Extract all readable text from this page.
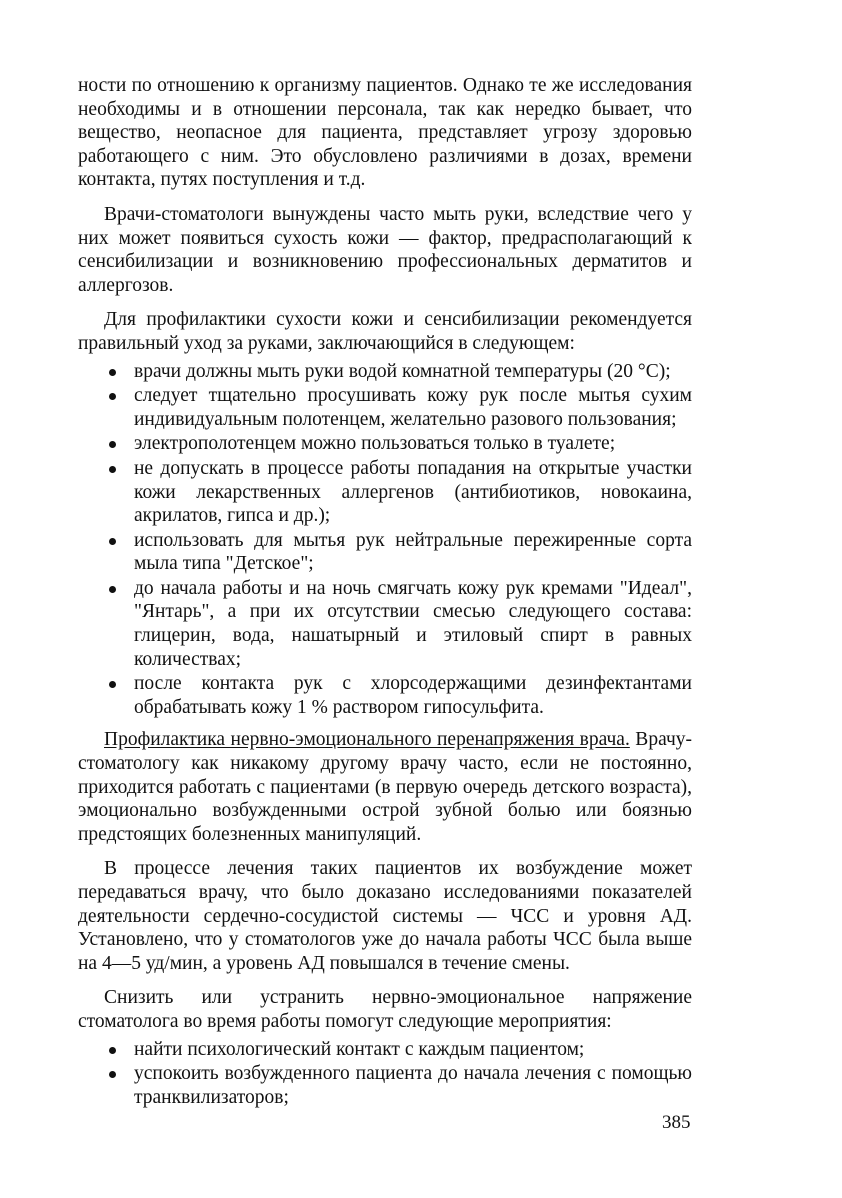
ности по отношению к организму пациентов. Однако те же исследования необходимы и в отношении персонала, так как нередко бывает, что вещество, неопасное для пациента, представляет угрозу здоровью работающего с ним. Это обусловлено различиями в дозах, времени контакта, путях поступления и т.д.

Врачи-стоматологи вынуждены часто мыть руки, вследствие чего у них может появиться сухость кожи — фактор, предрасполагающий к сенсибилизации и возникновению профессиональных дерматитов и аллергозов.

Для профилактики сухости кожи и сенсибилизации рекомендуется правильный уход за руками, заключающийся в следующем:

врачи должны мыть руки водой комнатной температуры (20 °С);
следует тщательно просушивать кожу рук после мытья сухим индивидуальным полотенцем, желательно разового пользования;
электрополотенцем можно пользоваться только в туалете;
не допускать в процессе работы попадания на открытые участки кожи лекарственных аллергенов (антибиотиков, новокаина, акрилатов, гипса и др.);
использовать для мытья рук нейтральные пережиренные сорта мыла типа "Детское";
до начала работы и на ночь смягчать кожу рук кремами "Идеал", "Янтарь", а при их отсутствии смесью следующего состава: глицерин, вода, нашатырный и этиловый спирт в равных количествах;
после контакта рук с хлорсодержащими дезинфектантами обрабатывать кожу 1 % раствором гипосульфита.

Профилактика нервно-эмоционального перенапряжения врача. Врачу-стоматологу как никакому другому врачу часто, если не постоянно, приходится работать с пациентами (в первую очередь детского возраста), эмоционально возбужденными острой зубной болью или боязнью предстоящих болезненных манипуляций.

В процессе лечения таких пациентов их возбуждение может передаваться врачу, что было доказано исследованиями показателей деятельности сердечно-сосудистой системы — ЧСС и уровня АД. Установлено, что у стоматологов уже до начала работы ЧСС была выше на 4—5 уд/мин, а уровень АД повышался в течение смены.

Снизить или устранить нервно-эмоциональное напряжение стоматолога во время работы помогут следующие мероприятия:

найти психологический контакт с каждым пациентом;
успокоить возбужденного пациента до начала лечения с помощью транквилизаторов;
385
